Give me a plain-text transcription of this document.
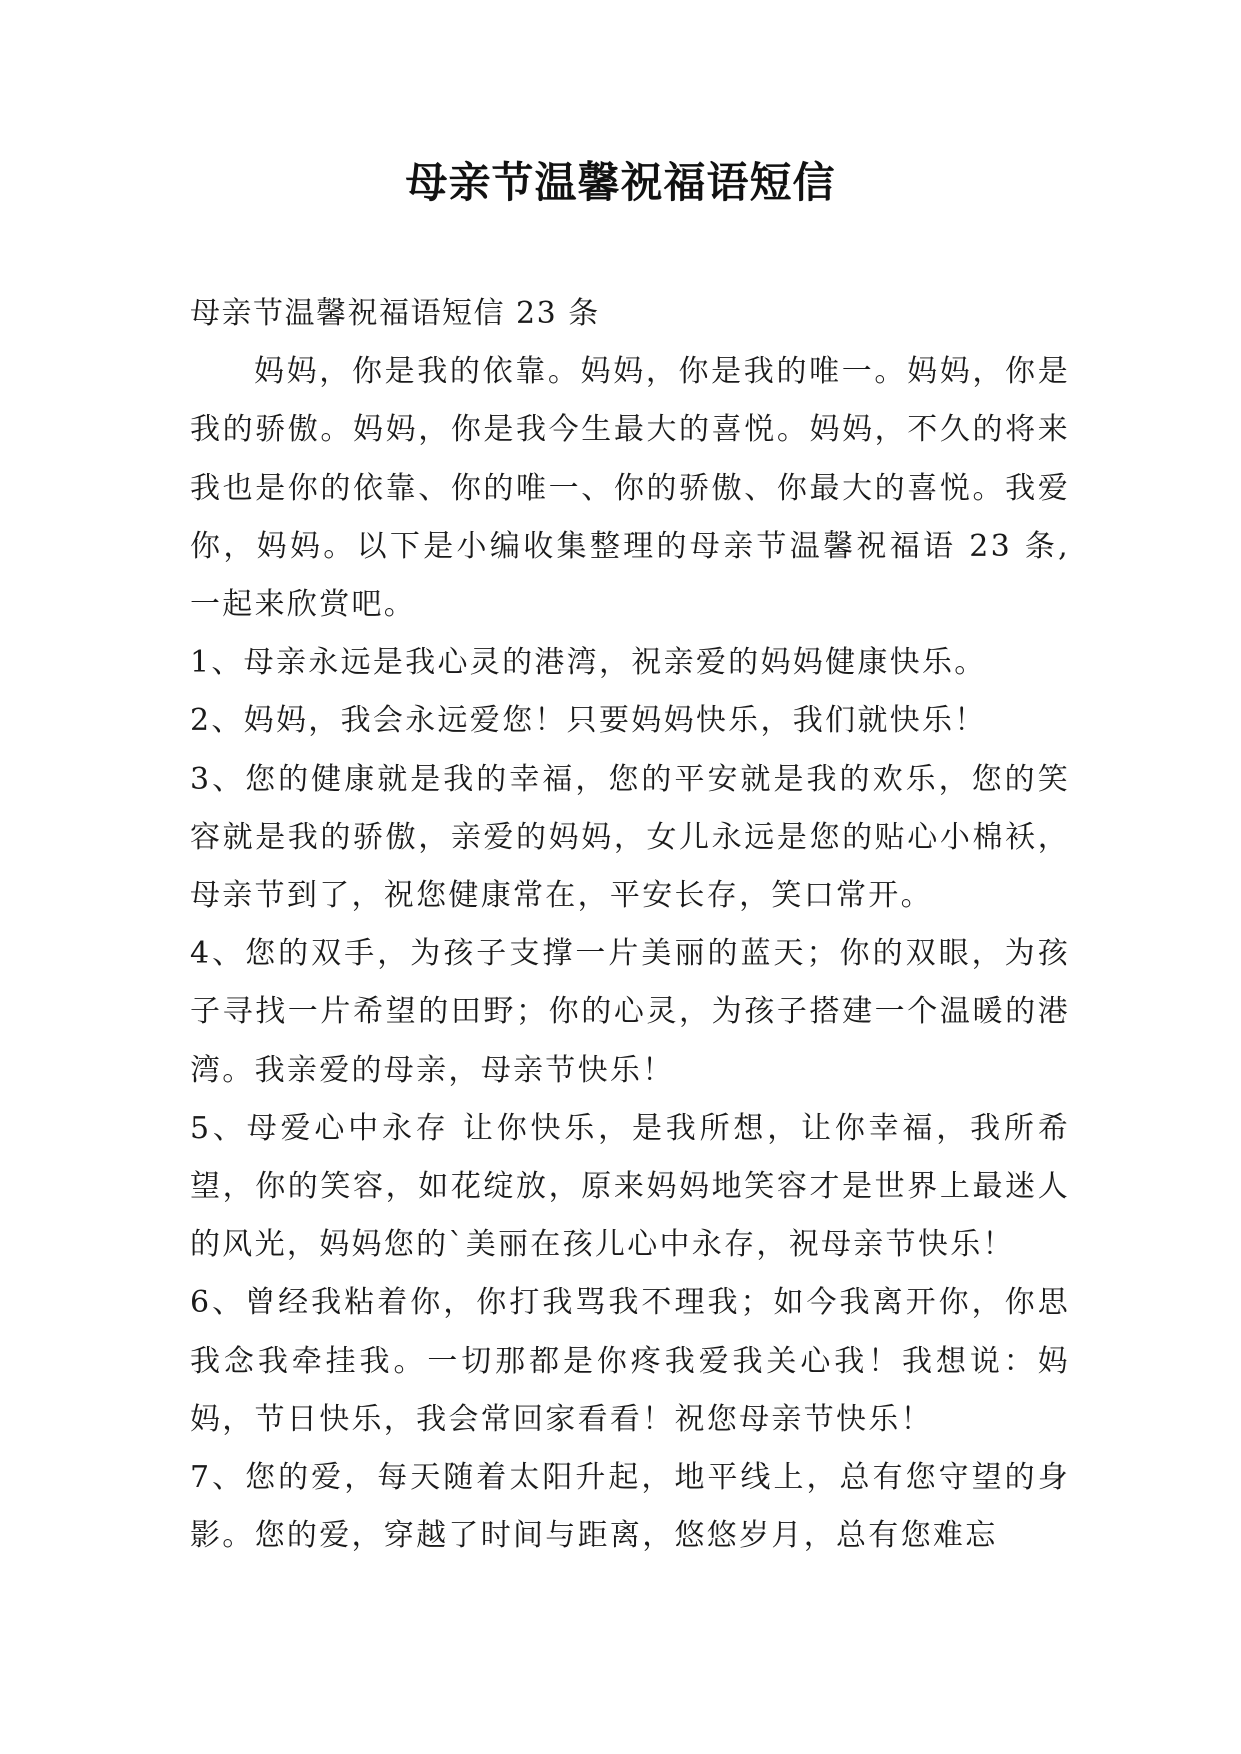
母亲节温馨祝福语短信

母亲节温馨祝福语短信 23 条

妈妈，你是我的依靠。妈妈，你是我的唯一。妈妈，你是我的骄傲。妈妈，你是我今生最大的喜悦。妈妈，不久的将来我也是你的依靠、你的唯一、你的骄傲、你最大的喜悦。我爱你，妈妈。以下是小编收集整理的母亲节温馨祝福语 23 条,一起来欣赏吧。

1、母亲永远是我心灵的港湾，祝亲爱的妈妈健康快乐。

2、妈妈，我会永远爱您！只要妈妈快乐，我们就快乐！

3、您的健康就是我的幸福，您的平安就是我的欢乐，您的笑容就是我的骄傲，亲爱的妈妈，女儿永远是您的贴心小棉袄，母亲节到了，祝您健康常在，平安长存，笑口常开。

4、您的双手，为孩子支撑一片美丽的蓝天；你的双眼，为孩子寻找一片希望的田野；你的心灵，为孩子搭建一个温暖的港湾。我亲爱的母亲，母亲节快乐！

5、母爱心中永存 让你快乐，是我所想，让你幸福，我所希望，你的笑容，如花绽放，原来妈妈地笑容才是世界上最迷人的风光，妈妈您的`美丽在孩儿心中永存，祝母亲节快乐！

6、曾经我粘着你，你打我骂我不理我；如今我离开你，你思我念我牵挂我。一切那都是你疼我爱我关心我！我想说：妈妈，节日快乐，我会常回家看看！祝您母亲节快乐！

7、您的爱，每天随着太阳升起，地平线上，总有您守望的身影。您的爱，穿越了时间与距离，悠悠岁月，总有您难忘
